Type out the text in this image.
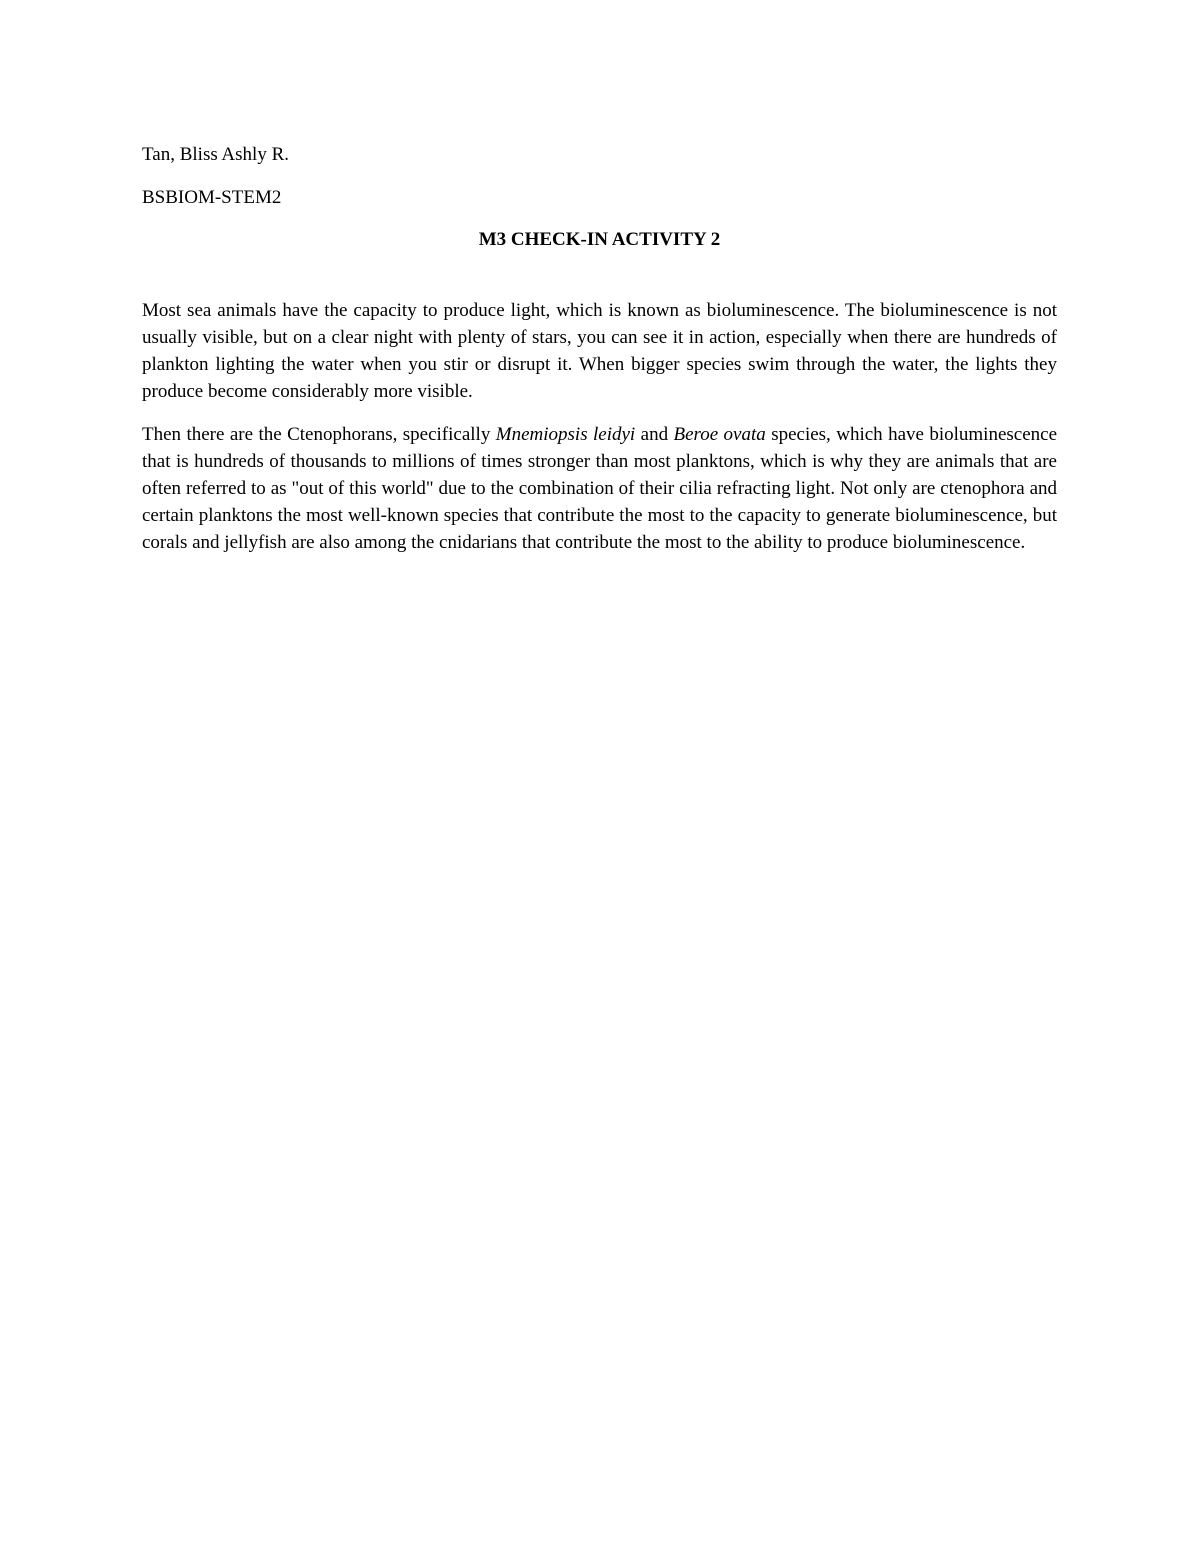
Tan, Bliss Ashly R.

BSBIOM-STEM2

M3 CHECK-IN ACTIVITY 2

Most sea animals have the capacity to produce light, which is known as bioluminescence. The bioluminescence is not usually visible, but on a clear night with plenty of stars, you can see it in action, especially when there are hundreds of plankton lighting the water when you stir or disrupt it. When bigger species swim through the water, the lights they produce become considerably more visible.

Then there are the Ctenophorans, specifically Mnemiopsis leidyi and Beroe ovata species, which have bioluminescence that is hundreds of thousands to millions of times stronger than most planktons, which is why they are animals that are often referred to as "out of this world" due to the combination of their cilia refracting light. Not only are ctenophora and certain planktons the most well-known species that contribute the most to the capacity to generate bioluminescence, but corals and jellyfish are also among the cnidarians that contribute the most to the ability to produce bioluminescence.
